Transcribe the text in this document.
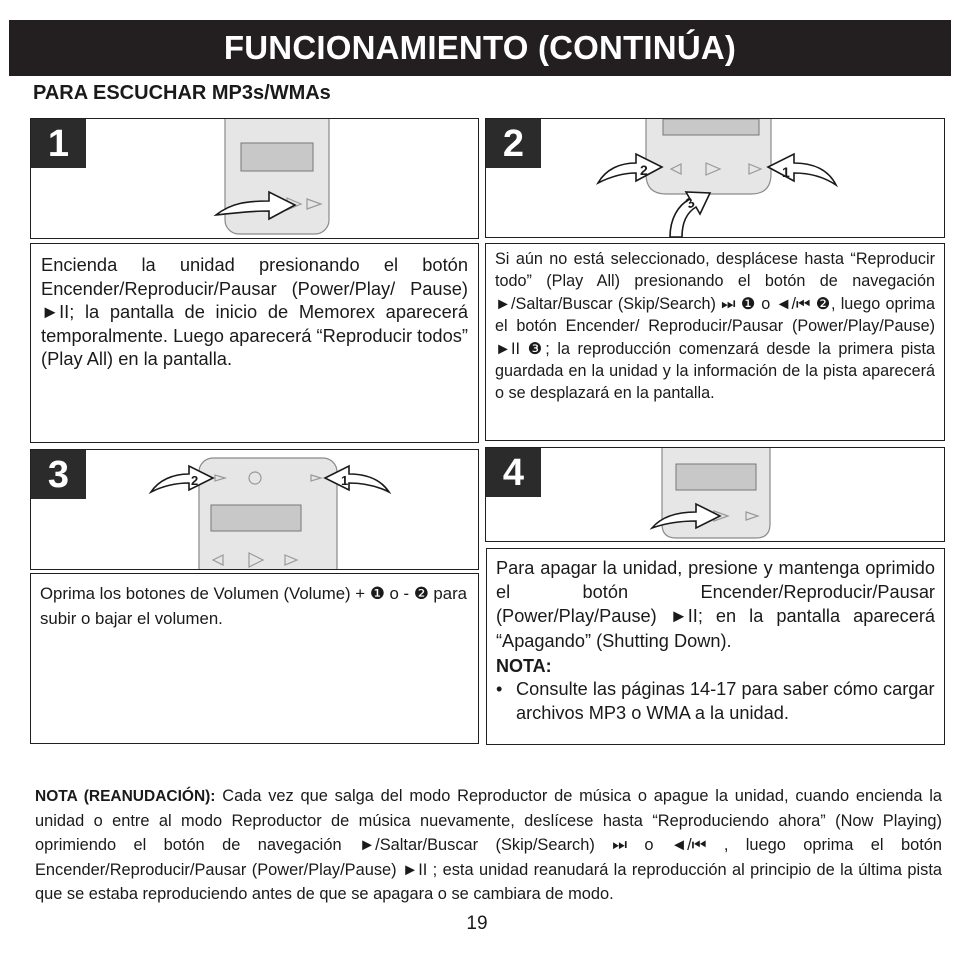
FUNCIONAMIENTO (CONTINÚA)
PARA ESCUCHAR MP3s/WMAs
1
Encienda la unidad presionando el botón Encender/Reproducir/Pausar (Power/Play/ Pause) ►II; la pantalla de inicio de Memorex aparecerá temporalmente. Luego aparecerá “Reproducir todos” (Play All) en la pantalla.
2
2	1
3
Si aún no está seleccionado, desplácese hasta “Reproducir todo” (Play All) presionando el botón de navegación ►/Saltar/Buscar (Skip/Search) ⏭ ❶ o ◄/⏮ ❷, luego oprima el botón Encender/ Reproducir/Pausar (Power/Play/Pause) ►II ❸; la reproducción comenzará desde la primera pista guardada en la unidad y la información de la pista aparecerá o se desplazará en la pantalla.
3	2	1
Oprima los botones de Volumen (Volume) + ❶ o - ❷ para subir o bajar el volumen.
4
Para apagar la unidad, presione y mantenga oprimido el botón Encender/Reproducir/Pausar (Power/Play/Pause) ►II; en la pantalla aparecerá “Apagando” (Shutting Down).
NOTA:
• Consulte las páginas 14-17 para saber cómo cargar archivos MP3 o WMA a la unidad.
NOTA (REANUDACIÓN): Cada vez que salga del modo Reproductor de música o apague la unidad, cuando encienda la unidad o entre al modo Reproductor de música nuevamente, deslícese hasta “Reproduciendo ahora” (Now Playing) oprimiendo el botón de navegación ►/Saltar/Buscar (Skip/Search) ⏭ o ◄/⏮ , luego oprima el botón Encender/Reproducir/Pausar (Power/Play/Pause) ►II ; esta unidad reanudará la reproducción al principio de la última pista que se estaba reproduciendo antes de que se apagara o se cambiara de modo.
19
